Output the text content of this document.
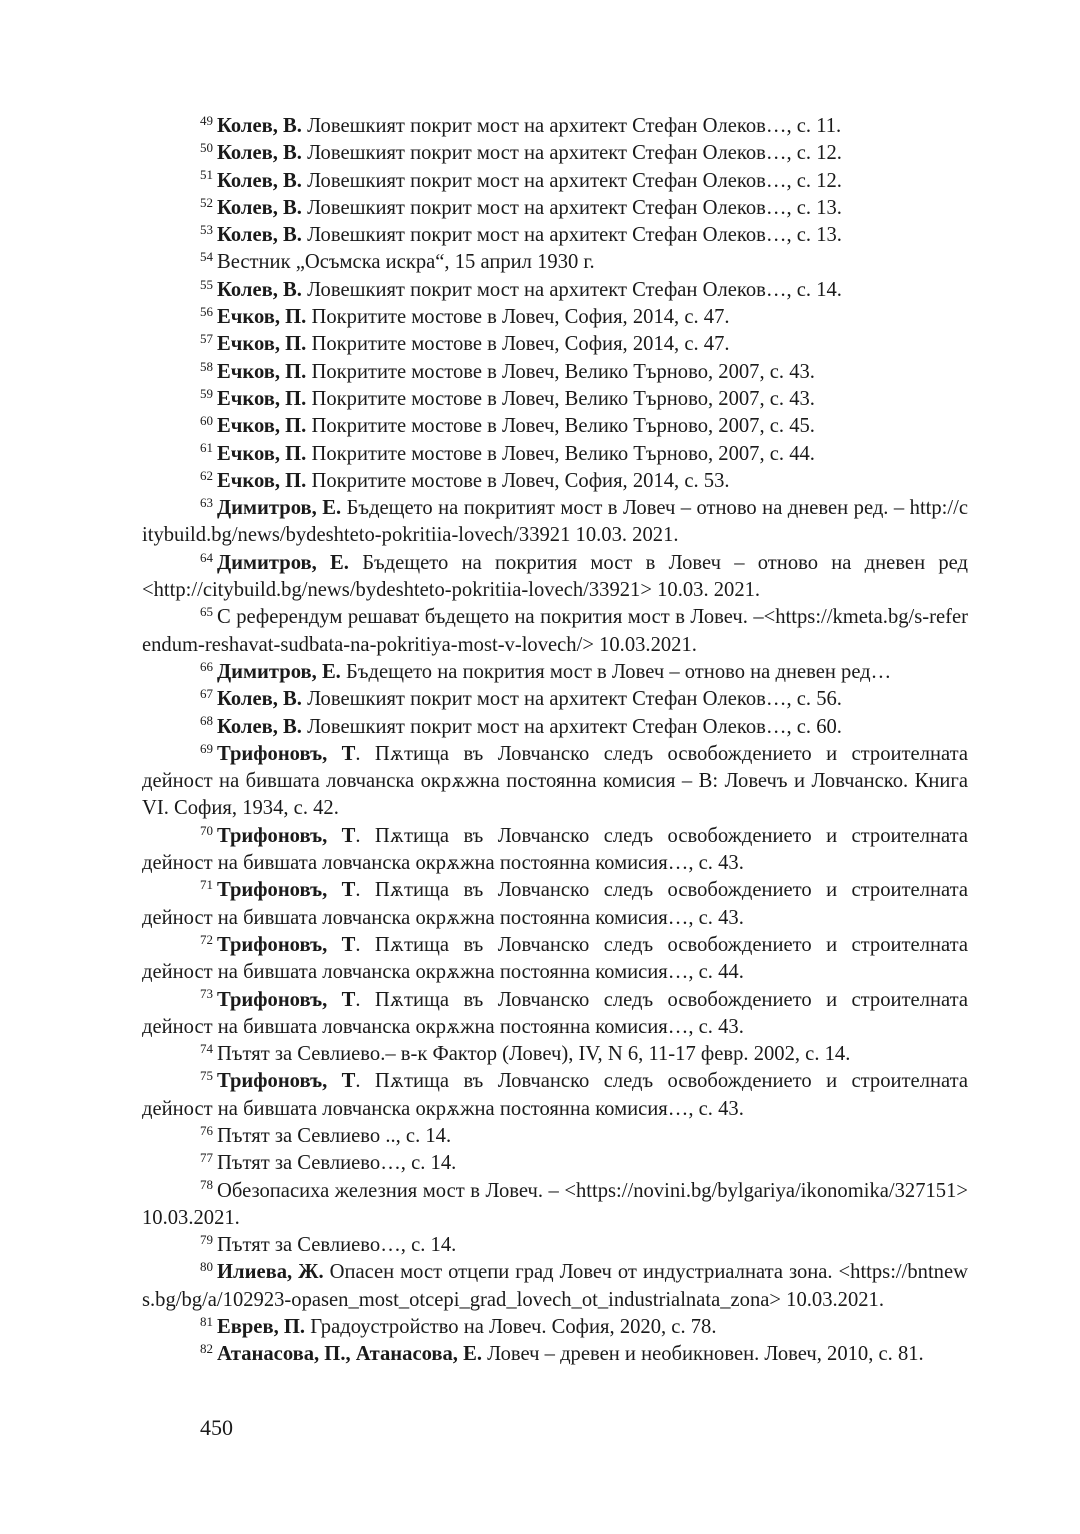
$^{49}$ Колев, В. Ловешкият покрит мост на архитект Стефан Олеков…, с. 11.

$^{50}$ Колев, В. Ловешкият покрит мост на архитект Стефан Олеков…, с. 12.

$^{51}$ Колев, В. Ловешкият покрит мост на архитект Стефан Олеков…, с. 12.

$^{52}$ Колев, В. Ловешкият покрит мост на архитект Стефан Олеков…, с. 13.

$^{53}$ Колев, В. Ловешкият покрит мост на архитект Стефан Олеков…, с. 13.

$^{54}$ Вестник „Осъмска искра“, 15 април 1930 г.

$^{55}$ Колев, В. Ловешкият покрит мост на архитект Стефан Олеков…, с. 14.

$^{56}$ Ечков, П. Покритите мостове в Ловеч, София, 2014, с. 47.

$^{57}$ Ечков, П. Покритите мостове в Ловеч, София, 2014, с. 47.

$^{58}$ Ечков, П. Покритите мостове в Ловеч, Велико Търново, 2007, с. 43.

$^{59}$ Ечков, П. Покритите мостове в Ловеч, Велико Търново, 2007, с. 43.

$^{60}$ Ечков, П. Покритите мостове в Ловеч, Велико Търново, 2007, с. 45.

$^{61}$ Ечков, П. Покритите мостове в Ловеч, Велико Търново, 2007, с. 44.

$^{62}$ Ечков, П. Покритите мостове в Ловеч, София, 2014, с. 53.

$^{63}$ Димитров, Е. Бъдещето на покритият мост в Ловеч – отново на дневен ред. – http://citybuild.bg/news/bydeshteto-pokritiia-lovech/33921 10.03. 2021.

$^{64}$ Димитров, Е. Бъдещето на покрития мост в Ловеч – отново на дневен ред <http://citybuild.bg/news/bydeshteto-pokritiia-lovech/33921> 10.03. 2021.

$^{65}$ С референдум решават бъдещето на покрития мост в Ловеч. –<https://kmeta.bg/s-referendum-reshavat-sudbata-na-pokritiya-most-v-lovech/> 10.03.2021.

$^{66}$ Димитров, Е. Бъдещето на покрития мост в Ловеч – отново на дневен ред…

$^{67}$ Колев, В. Ловешкият покрит мост на архитект Стефан Олеков…, с. 56.

$^{68}$ Колев, В. Ловешкият покрит мост на архитект Стефан Олеков…, с. 60.

$^{69}$ Трифоновъ, Т. Пѫтища въ Ловчанско следъ освобождението и строителната дейност на бившата ловчанска окрѫжна постоянна комисия – В: Ловечъ и Ловчанско. Книга VI. София, 1934, с. 42.

$^{70}$ Трифоновъ, Т. Пѫтища въ Ловчанско следъ освобождението и строителната дейност на бившата ловчанска окрѫжна постоянна комисия…, с. 43.

$^{71}$ Трифоновъ, Т. Пѫтища въ Ловчанско следъ освобождението и строителната дейност на бившата ловчанска окрѫжна постоянна комисия…, с. 43.

$^{72}$ Трифоновъ, Т. Пѫтища въ Ловчанско следъ освобождението и строителната дейност на бившата ловчанска окрѫжна постоянна комисия…, с. 44.

$^{73}$ Трифоновъ, Т. Пѫтища въ Ловчанско следъ освобождението и строителната дейност на бившата ловчанска окрѫжна постоянна комисия…, с. 43.

$^{74}$ Пътят за Севлиево.– в-к Фактор (Ловеч), IV, N 6, 11-17 февр. 2002, с. 14.

$^{75}$ Трифоновъ, Т. Пѫтища въ Ловчанско следъ освобождението и строителната дейност на бившата ловчанска окрѫжна постоянна комисия…, с. 43.

$^{76}$ Пътят за Севлиево .., с. 14.

$^{77}$ Пътят за Севлиево…, с. 14.

$^{78}$ Обезопасиха железния мост в Ловеч. – <https://novini.bg/bylgariya/ikonomika/327151> 10.03.2021.

$^{79}$ Пътят за Севлиево…, с. 14.

$^{80}$ Илиева, Ж. Опасен мост отцепи град Ловеч от индустриалната зона. <https://bntnews.bg/bg/a/102923-opasen_most_otcepi_grad_lovech_ot_industrialnata_zona> 10.03.2021.

$^{81}$ Еврев, П. Градоустройство на Ловеч. София, 2020, с. 78.

$^{82}$ Атанасова, П., Атанасова, Е. Ловеч – древен и необикновен. Ловеч, 2010, с. 81.

450
